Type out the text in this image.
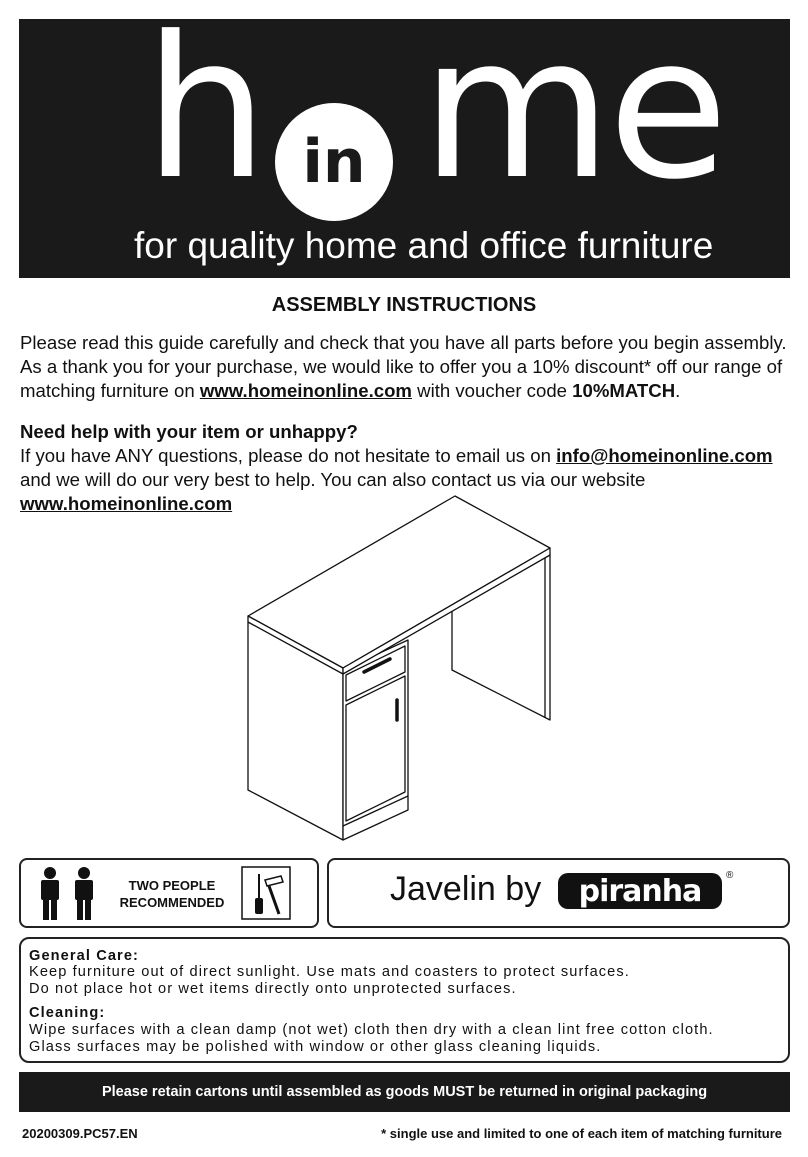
h in me
for quality home and office furniture
ASSEMBLY INSTRUCTIONS
Please read this guide carefully and check that you have all parts before you begin assembly.
As a thank you for your purchase, we would like to offer you a 10% discount* off our range of
matching furniture on www.homeinonline.com with voucher code 10%MATCH.
Need help with your item or unhappy?
If you have ANY questions, please do not hesitate to email us on info@homeinonline.com
and we will do our very best to help. You can also contact us via our website
www.homeinonline.com
TWO PEOPLE
RECOMMENDED	Javelin by piranha ®
General Care:
Keep furniture out of direct sunlight. Use mats and coasters to protect surfaces.
Do not place hot or wet items directly onto unprotected surfaces.
Cleaning:
Wipe surfaces with a clean damp (not wet) cloth then dry with a clean lint free cotton cloth.
Glass surfaces may be polished with window or other glass cleaning liquids.
Please retain cartons until assembled as goods MUST be returned in original packaging
20200309.PC57.EN	* single use and limited to one of each item of matching furniture
